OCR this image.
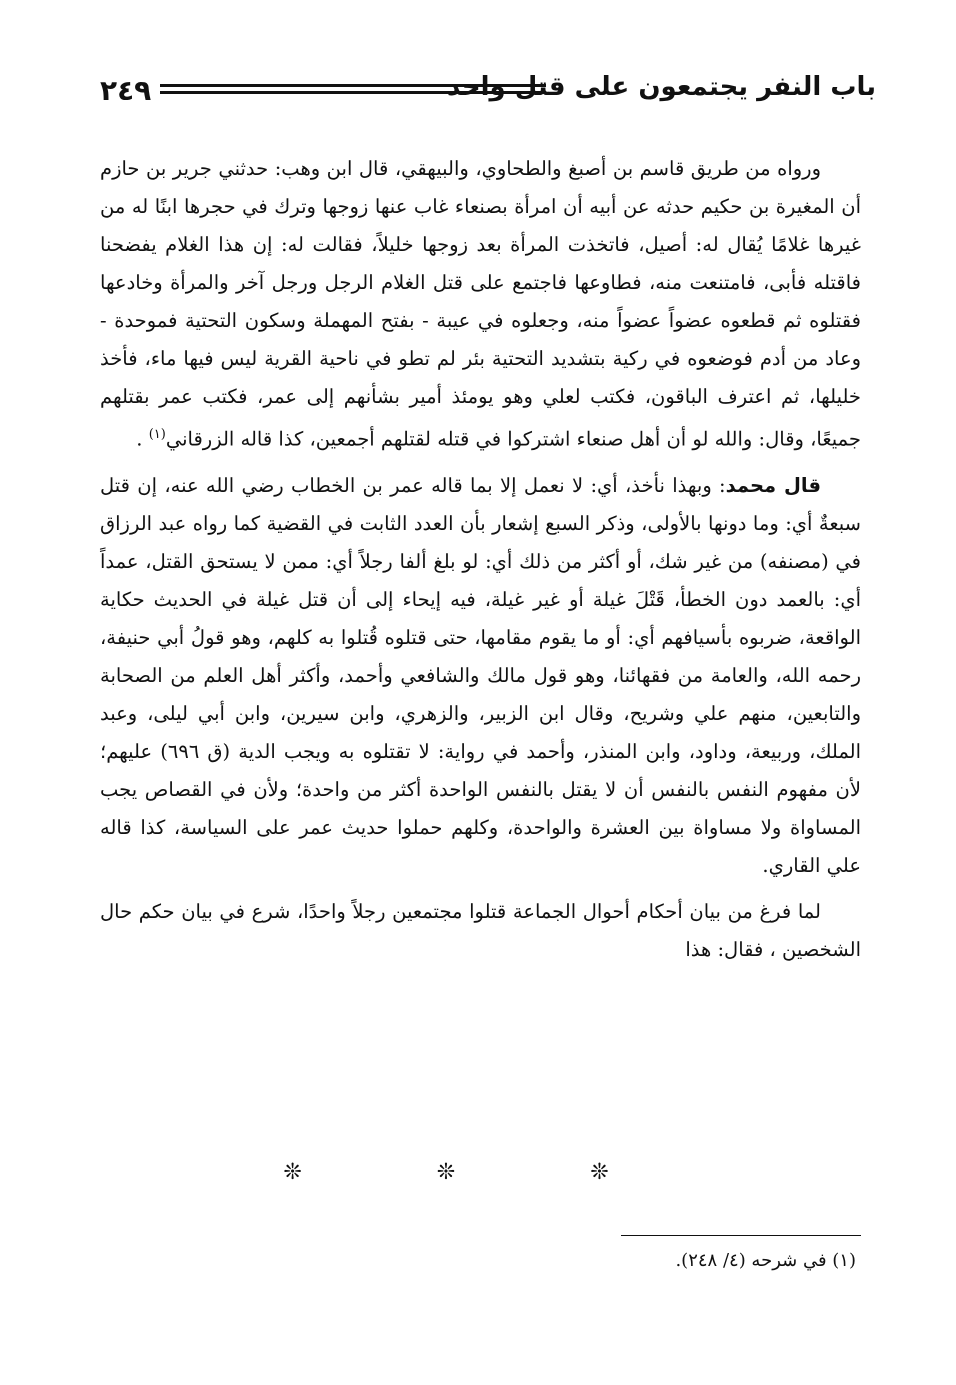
٢٤٩	باب النفر يجتمعون على قتل واحد

ورواه من طريق قاسم بن أصبغ والطحاوي، والبيهقي، قال ابن وهب: حدثني جرير بن حازم أن المغيرة بن حكيم حدثه عن أبيه أن امرأة بصنعاء غاب عنها زوجها وترك في حجرها ابنًا له من غيرها غلامًا يُقال له: أصيل، فاتخذت المرأة بعد زوجها خليلاً، فقالت له: إن هذا الغلام يفضحنا فاقتله فأبى، فامتنعت منه، فطاوعها فاجتمع على قتل الغلام الرجل ورجل آخر والمرأة وخادعها فقتلوه ثم قطعوه عضواً عضواً منه، وجعلوه في عيبة - بفتح المهملة وسكون التحتية فموحدة - وعاد من أدم فوضعوه في ركية بتشديد التحتية بئر لم تطو في ناحية القرية ليس فيها ماء، فأخذ خليلها، ثم اعترف الباقون، فكتب لعلي وهو يومئذ أمير بشأنهم إلى عمر، فكتب عمر بقتلهم جميعًا، وقال: والله لو أن أهل صنعاء اشتركوا في قتله لقتلهم أجمعين، كذا قاله الزرقاني$^{(١)}$ .

قال محمد: وبهذا نأخذ، أي: لا نعمل إلا بما قاله عمر بن الخطاب رضي الله عنه، إن قتل سبعةٌ أي: وما دونها بالأولى، وذكر السبع إشعار بأن العدد الثابت في القضية كما رواه عبد الرزاق في (مصنفه) من غير شك، أو أكثر من ذلك أي: لو بلغ ألفا رجلاً أي: ممن لا يستحق القتل، عمداً أي: بالعمد دون الخطأ، قَتْلَ غيلة أو غير غيلة، فيه إيحاء إلى أن قتل غيلة في الحديث حكاية الواقعة، ضربوه بأسيافهم أي: أو ما يقوم مقامها، حتى قتلوه قُتلوا به كلهم، وهو قولُ أبي حنيفة، رحمه الله، والعامة من فقهائنا، وهو قول مالك والشافعي وأحمد، وأكثر أهل العلم من الصحابة والتابعين، منهم علي وشريح، وقال ابن الزبير، والزهري، وابن سيرين، وابن أبي ليلى، وعبد الملك، وربيعة، وداود، وابن المنذر، وأحمد في رواية: لا تقتلوه به ويجب الدية (ق ٦٩٦) عليهم؛ لأن مفهوم النفس بالنفس أن لا يقتل بالنفس الواحدة أكثر من واحدة؛ ولأن في القصاص يجب المساواة ولا مساواة بين العشرة والواحدة، وكلهم حملوا حديث عمر على السياسة، كذا قاله علي القاري.

لما فرغ من بيان أحكام أحوال الجماعة قتلوا مجتمعين رجلاً واحدًا، شرع في بيان حكم حال الشخصين ، فقال: هذا

❊ ❊ ❊
(١) في شرحه (٤/ ٢٤٨).
